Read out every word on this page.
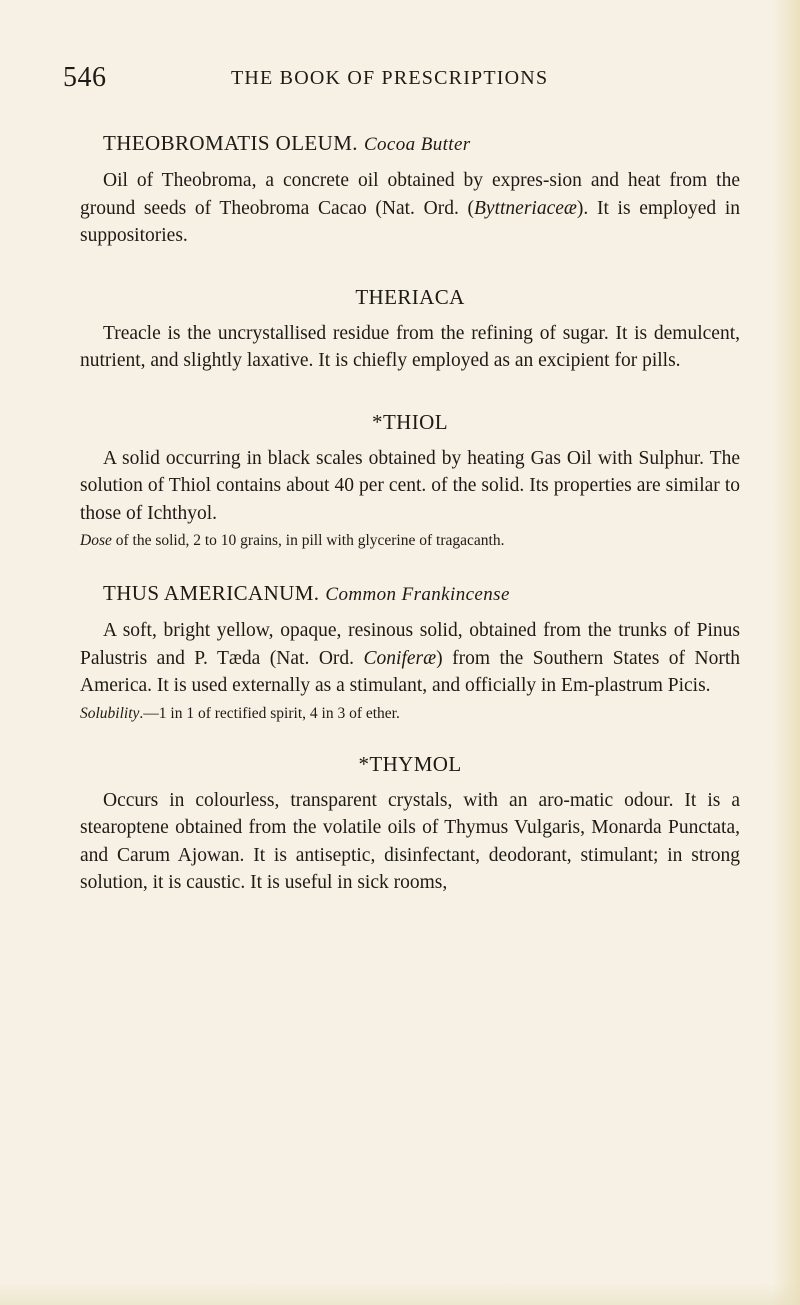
546	THE BOOK OF PRESCRIPTIONS
THEOBROMATIS OLEUM. Cocoa Butter

Oil of Theobroma, a concrete oil obtained by expres-sion and heat from the ground seeds of Theobroma Cacao (Nat. Ord. (Byttneriaceæ). It is employed in suppositories.

THERIACA

Treacle is the uncrystallised residue from the refining of sugar. It is demulcent, nutrient, and slightly laxative. It is chiefly employed as an excipient for pills.

*THIOL

A solid occurring in black scales obtained by heating Gas Oil with Sulphur. The solution of Thiol contains about 40 per cent. of the solid. Its properties are similar to those of Ichthyol.

Dose of the solid, 2 to 10 grains, in pill with glycerine of tragacanth.

THUS AMERICANUM. Common Frankincense

A soft, bright yellow, opaque, resinous solid, obtained from the trunks of Pinus Palustris and P. Tæda (Nat. Ord. Coniferæ) from the Southern States of North America. It is used externally as a stimulant, and officially in Em-plastrum Picis.

Solubility.—1 in 1 of rectified spirit, 4 in 3 of ether.

*THYMOL

Occurs in colourless, transparent crystals, with an aro-matic odour. It is a stearoptene obtained from the volatile oils of Thymus Vulgaris, Monarda Punctata, and Carum Ajowan. It is antiseptic, disinfectant, deodorant, stimulant; in strong solution, it is caustic. It is useful in sick rooms,
